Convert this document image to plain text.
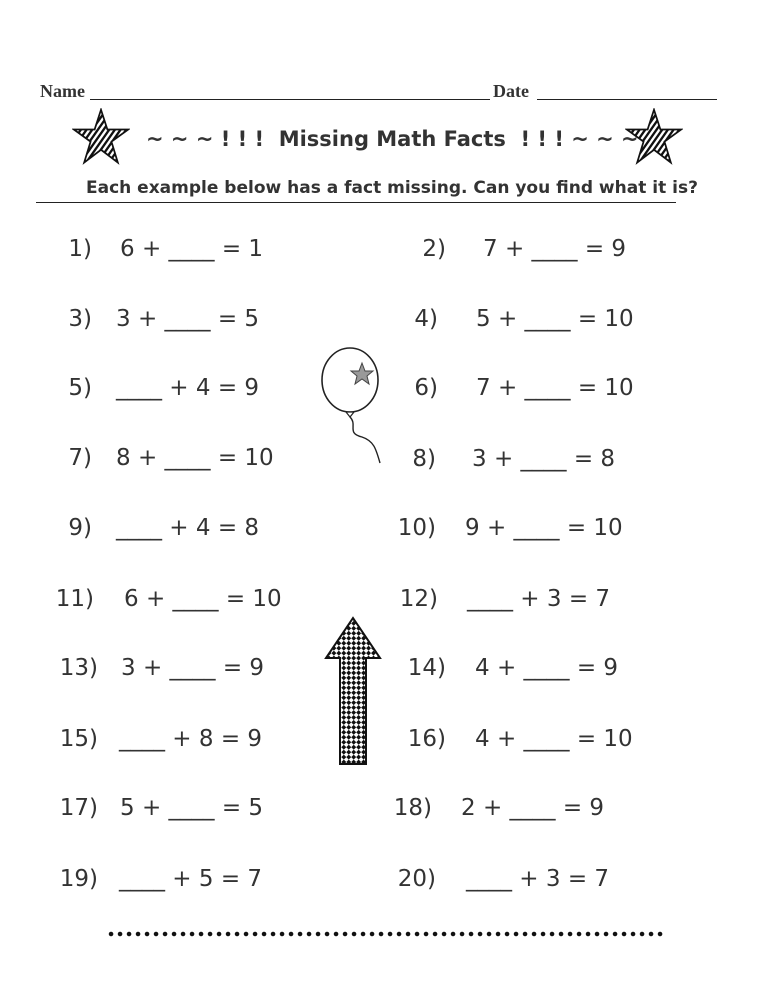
Name	Date
~ ~ ~ ! ! !  Missing Math Facts  ! ! ! ~ ~ ~
Each example below has a fact missing. Can you find what it is?
1) 6 + ____ = 1
3) 3 + ____ = 5
5) ____ + 4 = 9
7) 8 + ____ = 10
9) ____ + 4 = 8
11) 6 + ____ = 10
13) 3 + ____ = 9
15) ____ + 8 = 9
17) 5 + ____ = 5
19) ____ + 5 = 7
2) 7 + ____ = 9
4) 5 + ____ = 10
6) 7 + ____ = 10
8) 3 + ____ = 8
10) 9 + ____ = 10
12) ____ + 3 = 7
14) 4 + ____ = 9
16) 4 + ____ = 10
18) 2 + ____ = 9
20) ____ + 3 = 7
